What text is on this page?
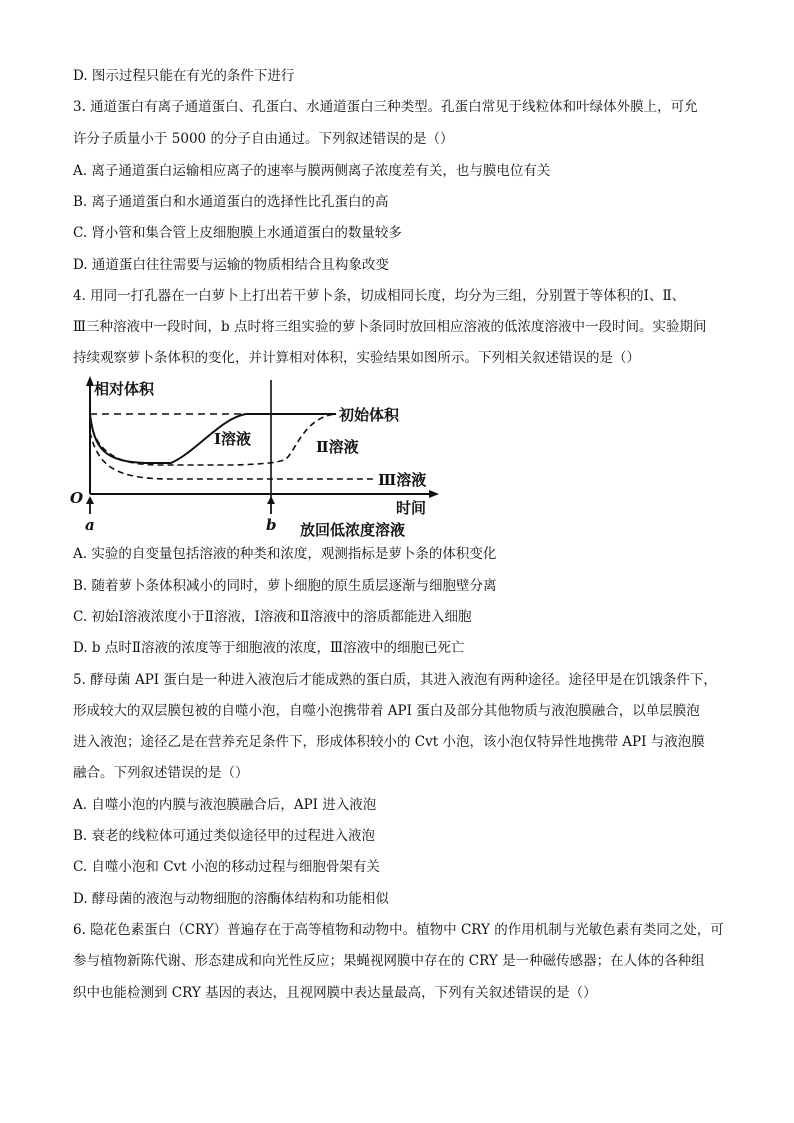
D. 图示过程只能在有光的条件下进行
3. 通道蛋白有离子通道蛋白、孔蛋白、水通道蛋白三种类型。孔蛋白常见于线粒体和叶绿体外膜上，可允
许分子质量小于 5000 的分子自由通过。下列叙述错误的是（）
A. 离子通道蛋白运输相应离子的速率与膜两侧离子浓度差有关，也与膜电位有关
B. 离子通道蛋白和水通道蛋白的选择性比孔蛋白的高
C. 肾小管和集合管上皮细胞膜上水通道蛋白的数量较多
D. 通道蛋白往往需要与运输的物质相结合且构象改变
4. 用同一打孔器在一白萝卜上打出若干萝卜条，切成相同长度，均分为三组，分别置于等体积的Ⅰ、Ⅱ、
Ⅲ三种溶液中一段时间，b 点时将三组实验的萝卜条同时放回相应溶液的低浓度溶液中一段时间。实验期间
持续观察萝卜条体积的变化，并计算相对体积，实验结果如图所示。下列相关叙述错误的是（）
相对体积
初始体积
Ⅰ溶液	Ⅱ溶液
Ⅲ溶液
O
时间
a	b 放回低浓度溶液
A. 实验的自变量包括溶液的种类和浓度，观测指标是萝卜条的体积变化
B. 随着萝卜条体积减小的同时，萝卜细胞的原生质层逐渐与细胞壁分离
C. 初始Ⅰ溶液浓度小于Ⅱ溶液，Ⅰ溶液和Ⅱ溶液中的溶质都能进入细胞
D. b 点时Ⅱ溶液的浓度等于细胞液的浓度，Ⅲ溶液中的细胞已死亡
5. 酵母菌 API 蛋白是一种进入液泡后才能成熟的蛋白质，其进入液泡有两种途径。途径甲是在饥饿条件下，
形成较大的双层膜包被的自噬小泡，自噬小泡携带着 API 蛋白及部分其他物质与液泡膜融合，以单层膜泡
进入液泡；途径乙是在营养充足条件下，形成体积较小的 Cvt 小泡，该小泡仅特异性地携带 API 与液泡膜
融合。下列叙述错误的是（）
A. 自噬小泡的内膜与液泡膜融合后，API 进入液泡
B. 衰老的线粒体可通过类似途径甲的过程进入液泡
C. 自噬小泡和 Cvt 小泡的移动过程与细胞骨架有关
D. 酵母菌的液泡与动物细胞的溶酶体结构和功能相似
6. 隐花色素蛋白（CRY）普遍存在于高等植物和动物中。植物中 CRY 的作用机制与光敏色素有类同之处，可
参与植物新陈代谢、形态建成和向光性反应；果蝇视网膜中存在的 CRY 是一种磁传感器；在人体的各种组
织中也能检测到 CRY 基因的表达，且视网膜中表达量最高，下列有关叙述错误的是（）
